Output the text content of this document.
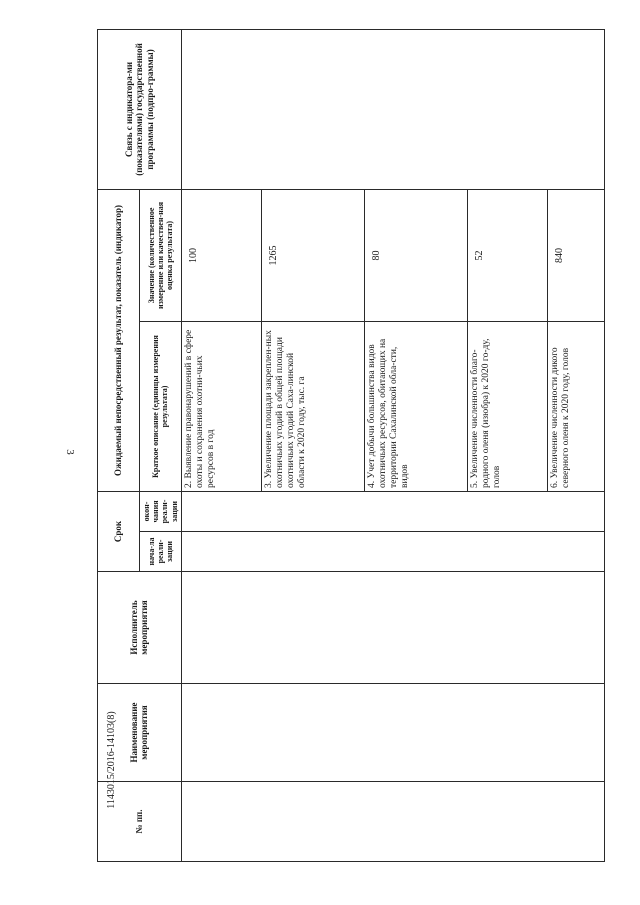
3
1143015/2016-14103(8)
№ пп.	Наименование мероприятия	Исполнитель мероприятия	Срок		Ожидаемый непосредственный результат, показатель (индикатор)		Связь с индикатора-ми (показателями) государственной программы (подпро-граммы)
			нача-ла реали-зации	окон-чания реали-зации	Краткое описание (единицы измерения результата)	Значение (количественное измерение или качествен-ная оценка результата)	
					2. Выявление правонарушений в сфере охоты и сохранения охотни-чьих ресурсов в год	100	
					3. Увеличение площади закреплен-ных охотничьих угодий в общей площади охотничьих угодий Саха-линской области к 2020 году, тыс. га	1265	
					4. Учет добычи большинства видов охотничьих ресурсов, обитающих на территории Сахалинской обла-сти, видов	80	
					5. Увеличение численности благо-родного оленя (изюбра) к 2020 го-ду, голов	52	
					6. Увеличение численности дикого северного оленя к 2020 году, голов	840	
